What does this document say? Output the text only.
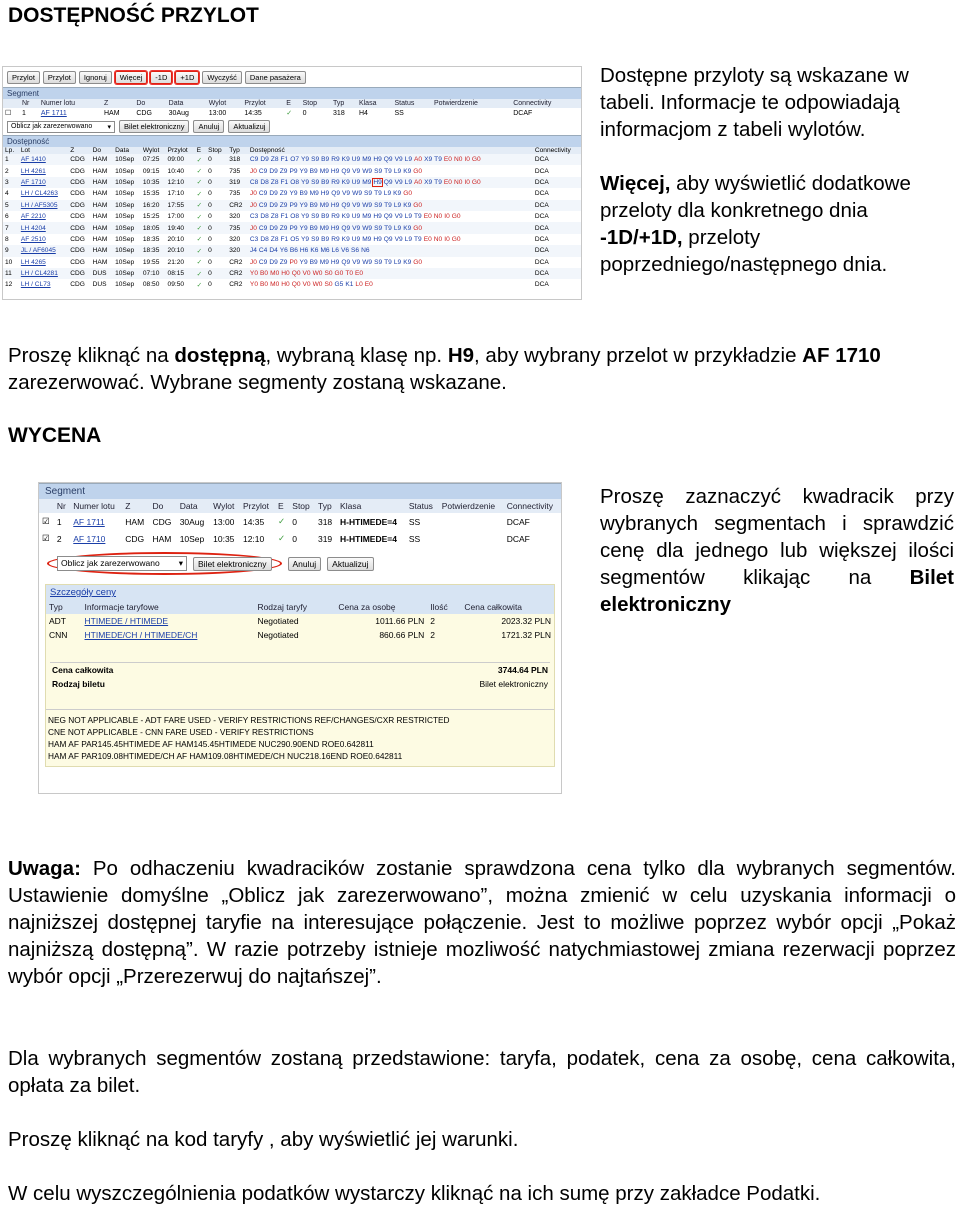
DOSTĘPNOŚĆ PRZYLOT
Przylot	Przylot	Ignoruj	Więcej	-1D	+1D	Wyczyść	Dane pasażera
Segment
	Nr	Numer lotu	Z	Do	Data	Wylot	Przylot	E	Stop	Typ	Klasa	Status	Potwierdzenie	Connectivity
☐	1	AF 1711	HAM	CDG	30Aug	13:00	14:35	✓	0	318	H4	SS		DCAF
Oblicz jak zarezerwowano ▾	Bilet elektroniczny	Anuluj	Aktualizuj
Dostępność
Lp.	Lot	Z	Do	Data	Wylot	Przylot	E	Stop	Typ	Dostępność	Connectivity
1	AF 1410	CDG	HAM	10Sep	07:25	09:00	✓	0	318	C9 D9 Z8 F1 O7 Y9 S9 B9 R9 K9 U9 M9 H9 Q9 V9 L9 A0 X9 T9 E0 N0 I0 G0	DCA
2	LH 4261	CDG	HAM	10Sep	09:15	10:40	✓	0	735	J0 C9 D9 Z9 P9 Y9 B9 M9 H9 Q9 V9 W9 S9 T9 L9 K9 G0	DCA
3	AF 1710	CDG	HAM	10Sep	10:35	12:10	✓	0	319	C8 D8 Z8 F1 O8 Y9 S9 B9 R9 K9 U9 M9 H9 Q9 V9 L9 A0 X9 T9 E0 N0 I0 G0	DCA
4	LH / CL4263	CDG	HAM	10Sep	15:35	17:10	✓	0	735	J0 C9 D9 Z9 Y9 B9 M9 H9 Q9 V9 W9 S9 T9 L9 K9 G0	DCA
5	LH / AF5305	CDG	HAM	10Sep	16:20	17:55	✓	0	CR2	J0 C9 D9 Z9 P9 Y9 B9 M9 H9 Q9 V9 W9 S9 T9 L9 K9 G0	DCA
6	AF 2210	CDG	HAM	10Sep	15:25	17:00	✓	0	320	C3 D8 Z8 F1 O8 Y9 S9 B9 R9 K9 U9 M9 H9 Q9 V9 L9 T9 E0 N0 I0 G0	DCA
7	LH 4204	CDG	HAM	10Sep	18:05	19:40	✓	0	735	J0 C9 D9 Z9 P9 Y9 B9 M9 H9 Q9 V9 W9 S9 T9 L9 K9 G0	DCA
8	AF 2510	CDG	HAM	10Sep	18:35	20:10	✓	0	320	C3 D8 Z8 F1 O5 Y9 S9 B9 R9 K9 U9 M9 H9 Q9 V9 L9 T9 E0 N0 I0 G0	DCA
9	JL / AF6045	CDG	HAM	10Sep	18:35	20:10	✓	0	320	J4 C4 D4 Y6 B6 H6 K6 M6 L6 V6 S6 N6	DCA
10	LH 4265	CDG	HAM	10Sep	19:55	21:20	✓	0	CR2	J0 C9 D9 Z9 P0 Y9 B9 M9 H9 Q9 V9 W9 S9 T9 L9 K9 G0	DCA
11	LH / CL4281	CDG	DUS	10Sep	07:10	08:15	✓	0	CR2	Y0 B0 M0 H0 Q0 V0 W0 S0 G0 T0 E0	DCA
12	LH / CL73	CDG	DUS	10Sep	08:50	09:50	✓	0	CR2	Y0 B0 M0 H0 Q0 V0 W0 S0 G5 K1 L0 E0	DCA
Dostępne przyloty są wskazane w tabeli. Informacje te odpowiadają informacjom z tabeli wylotów.
Więcej, aby wyświetlić dodatkowe przeloty dla konkretnego dnia
-1D/+1D, przeloty poprzedniego/następnego dnia.
Proszę kliknąć na dostępną, wybraną klasę np. H9, aby wybrany przelot w przykładzie AF 1710 zarezerwować. Wybrane segmenty zostaną wskazane.
WYCENA
Segment
	Nr	Numer lotu	Z	Do	Data	Wylot	Przylot	E	Stop	Typ	Klasa	Status	Potwierdzenie	Connectivity
☑	1	AF 1711	HAM	CDG	30Aug	13:00	14:35	✓	0	318	H-HTIMEDE=4	SS		DCAF
☑	2	AF 1710	CDG	HAM	10Sep	10:35	12:10	✓	0	319	H-HTIMEDE=4	SS		DCAF
Oblicz jak zarezerwowano ▾	Bilet elektroniczny	Anuluj	Aktualizuj
Szczegóły ceny
Typ	Informacje taryfowe	Rodzaj taryfy	Cena za osobę	Ilość	Cena całkowita
ADT	HTIMEDE / HTIMEDE	Negotiated	1011.66 PLN	2	2023.32 PLN
CNN	HTIMEDE/CH / HTIMEDE/CH	Negotiated	860.66 PLN	2	1721.32 PLN
Cena całkowita	3744.64 PLN
Rodzaj biletu	Bilet elektroniczny
NEG NOT APPLICABLE - ADT FARE USED - VERIFY RESTRICTIONS REF/CHANGES/CXR RESTRICTED
CNE NOT APPLICABLE - CNN FARE USED - VERIFY RESTRICTIONS
HAM AF PAR145.45HTIMEDE AF HAM145.45HTIMEDE NUC290.90END ROE0.642811
HAM AF PAR109.08HTIMEDE/CH AF HAM109.08HTIMEDE/CH NUC218.16END ROE0.642811
Proszę zaznaczyć kwadracik przy wybranych segmentach i sprawdzić cenę dla jednego lub większej ilości segmentów klikając na Bilet elektroniczny
Uwaga: Po odhaczeniu kwadracików zostanie sprawdzona cena tylko dla wybranych segmentów. Ustawienie domyślne „Oblicz jak zarezerwowano”, można zmienić w celu uzyskania informacji o najniższej dostępnej taryfie na interesujące połączenie. Jest to możliwe poprzez wybór opcji „Pokaż najniższą dostępną”. W razie potrzeby istnieje mozliwość natychmiastowej zmiana rezerwacji poprzez wybór opcji „Przerezerwuj do najtańszej”.
Dla wybranych segmentów zostaną przedstawione: taryfa, podatek, cena za osobę, cena całkowita, opłata za bilet.
Proszę kliknąć na kod taryfy , aby wyświetlić jej warunki.
W celu wyszczególnienia podatków wystarczy kliknąć na ich sumę przy zakładce Podatki.
